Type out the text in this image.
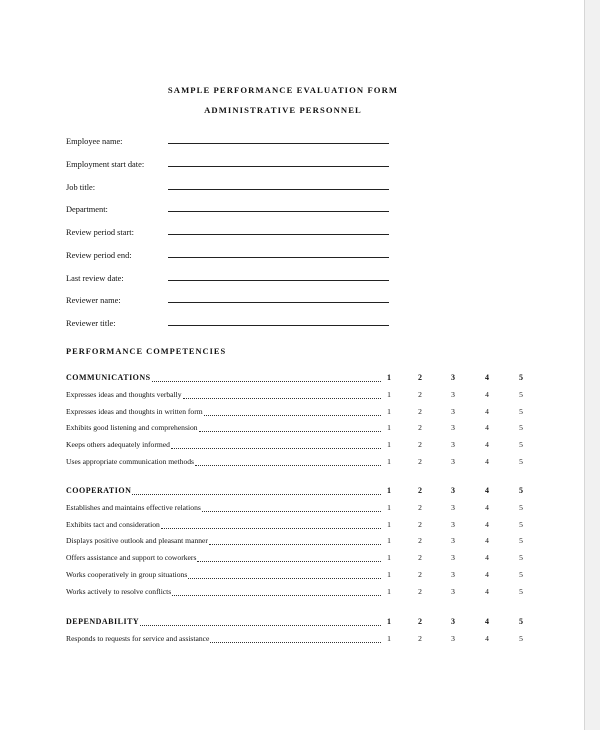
SAMPLE PERFORMANCE EVALUATION FORM
ADMINISTRATIVE PERSONNEL
Employee name:
Employment start date:
Job title:
Department:
Review period start:
Review period end:
Last review date:
Reviewer name:
Reviewer title:
PERFORMANCE COMPETENCIES
COMMUNICATIONS	1	2	3	4	5
Expresses ideas and thoughts verbally	1	2	3	4	5
Expresses ideas and thoughts in written form	1	2	3	4	5
Exhibits good listening and comprehension	1	2	3	4	5
Keeps others adequately informed	1	2	3	4	5
Uses appropriate communication methods	1	2	3	4	5
COOPERATION	1	2	3	4	5
Establishes and maintains effective relations	1	2	3	4	5
Exhibits tact and consideration	1	2	3	4	5
Displays positive outlook and pleasant manner	1	2	3	4	5
Offers assistance and support to coworkers	1	2	3	4	5
Works cooperatively in group situations	1	2	3	4	5
Works actively to resolve conflicts	1	2	3	4	5
DEPENDABILITY	1	2	3	4	5
Responds to requests for service and assistance	1	2	3	4	5
